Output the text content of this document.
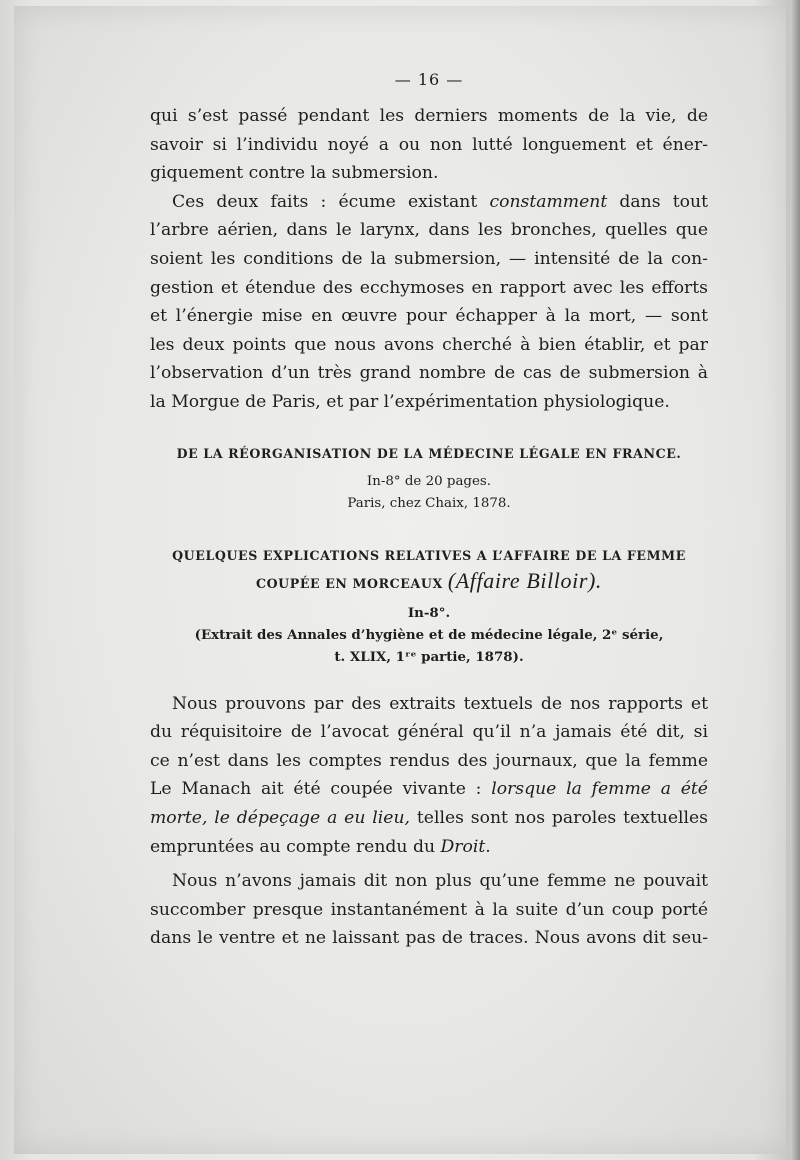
— 16 —
qui s’est passé pendant les derniers moments de la vie, de
savoir si l’individu noyé a ou non lutté longuement et éner-
giquement contre la submersion.
Ces deux faits : écume existant constamment dans tout
l’arbre aérien, dans le larynx, dans les bronches, quelles que
soient les conditions de la submersion, — intensité de la con-
gestion et étendue des ecchymoses en rapport avec les efforts
et l’énergie mise en œuvre pour échapper à la mort, — sont
les deux points que nous avons cherché à bien établir, et par
l’observation d’un très grand nombre de cas de submersion à
la Morgue de Paris, et par l’expérimentation physiologique.
DE LA RÉORGANISATION DE LA MÉDECINE LÉGALE EN FRANCE.
In-8° de 20 pages.
Paris, chez Chaix, 1878.
QUELQUES EXPLICATIONS RELATIVES A L’AFFAIRE DE LA FEMME
COUPÉE EN MORCEAUX (Affaire Billoir).
In-8°.
(Extrait des Annales d’hygiène et de médecine légale, 2ᵉ série,
t. XLIX, 1ʳᵉ partie, 1878).
Nous prouvons par des extraits textuels de nos rapports et
du réquisitoire de l’avocat général qu’il n’a jamais été dit, si
ce n’est dans les comptes rendus des journaux, que la femme
Le Manach ait été coupée vivante : lorsque la femme a été
morte, le dépeçage a eu lieu, telles sont nos paroles textuelles
empruntées au compte rendu du Droit.
Nous n’avons jamais dit non plus qu’une femme ne pouvait
succomber presque instantanément à la suite d’un coup porté
dans le ventre et ne laissant pas de traces. Nous avons dit seu-
